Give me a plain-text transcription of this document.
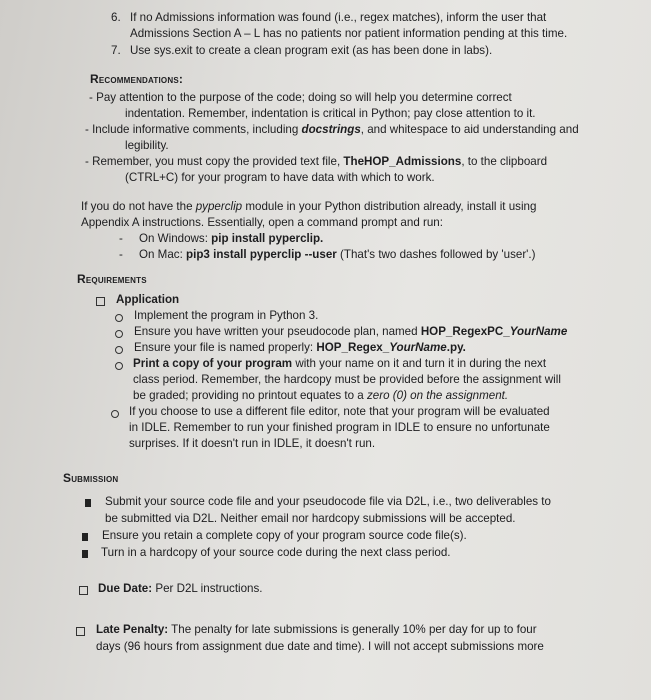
6. If no Admissions information was found (i.e., regex matches), inform the user that
Admissions Section A – L has no patients nor patient information pending at this time.
7. Use sys.exit to create a clean program exit (as has been done in labs).
Recommendations:
- Pay attention to the purpose of the code; doing so will help you determine correct
indentation. Remember, indentation is critical in Python; pay close attention to it.
- Include informative comments, including docstrings, and whitespace to aid understanding and
legibility.
- Remember, you must copy the provided text file, TheHOP_Admissions, to the clipboard
(CTRL+C) for your program to have data with which to work.
If you do not have the pyperclip module in your Python distribution already, install it using
Appendix A instructions. Essentially, open a command prompt and run:
- On Windows: pip install pyperclip.
- On Mac: pip3 install pyperclip --user (That's two dashes followed by 'user'.)
Requirements
Application
Implement the program in Python 3.
Ensure you have written your pseudocode plan, named HOP_RegexPC_YourName
Ensure your file is named properly: HOP_Regex_YourName.py.
Print a copy of your program with your name on it and turn it in during the next
class period. Remember, the hardcopy must be provided before the assignment will
be graded; providing no printout equates to a zero (0) on the assignment.
If you choose to use a different file editor, note that your program will be evaluated
in IDLE. Remember to run your finished program in IDLE to ensure no unfortunate
surprises. If it doesn't run in IDLE, it doesn't run.
Submission
Submit your source code file and your pseudocode file via D2L, i.e., two deliverables to
be submitted via D2L. Neither email nor hardcopy submissions will be accepted.
Ensure you retain a complete copy of your program source code file(s).
Turn in a hardcopy of your source code during the next class period.
Due Date: Per D2L instructions.
Late Penalty: The penalty for late submissions is generally 10% per day for up to four
days (96 hours from assignment due date and time). I will not accept submissions more
